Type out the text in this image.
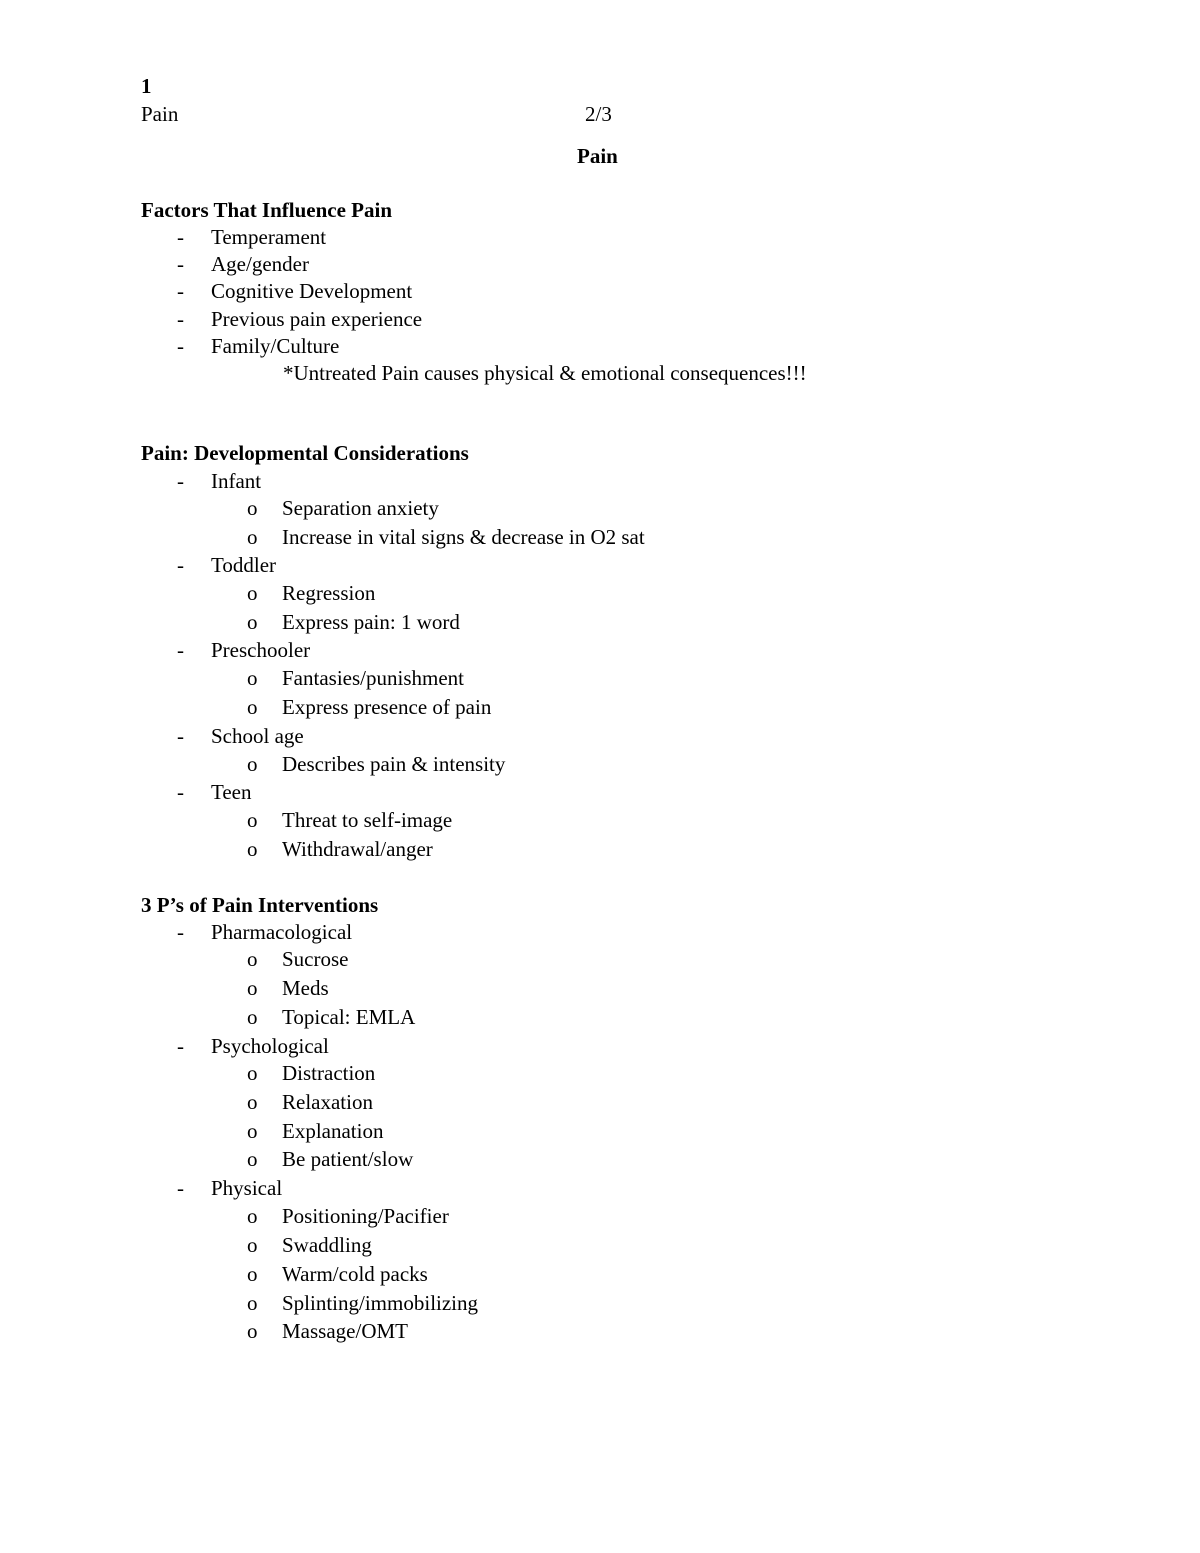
1
Pain	2/3
Pain
Factors That Influence Pain
- Temperament
- Age/gender
- Cognitive Development
- Previous pain experience
- Family/Culture
*Untreated Pain causes physical & emotional consequences!!!
Pain: Developmental Considerations
- Infant
o Separation anxiety
o Increase in vital signs & decrease in O2 sat
- Toddler
o Regression
o Express pain: 1 word
- Preschooler
o Fantasies/punishment
o Express presence of pain
- School age
o Describes pain & intensity
- Teen
o Threat to self-image
o Withdrawal/anger
3 P’s of Pain Interventions
- Pharmacological
o Sucrose
o Meds
o Topical: EMLA
- Psychological
o Distraction
o Relaxation
o Explanation
o Be patient/slow
- Physical
o Positioning/Pacifier
o Swaddling
o Warm/cold packs
o Splinting/immobilizing
o Massage/OMT
